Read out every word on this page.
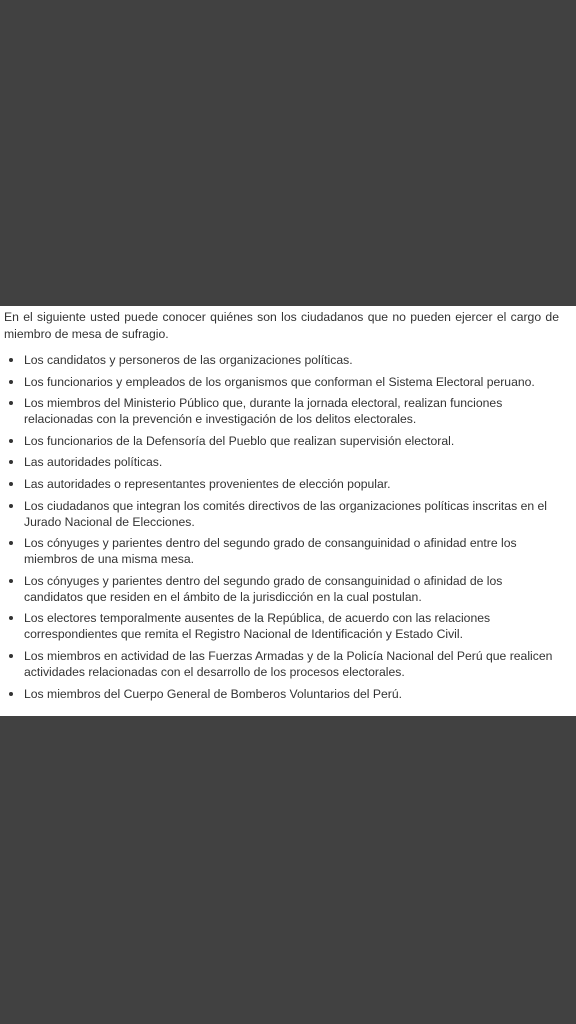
En el siguiente usted puede conocer quiénes son los ciudadanos que no pueden ejercer el cargo de miembro de mesa de sufragio.

Los candidatos y personeros de las organizaciones políticas.
Los funcionarios y empleados de los organismos que conforman el Sistema Electoral peruano.
Los miembros del Ministerio Público que, durante la jornada electoral, realizan funciones relacionadas con la prevención e investigación de los delitos electorales.
Los funcionarios de la Defensoría del Pueblo que realizan supervisión electoral.
Las autoridades políticas.
Las autoridades o representantes provenientes de elección popular.
Los ciudadanos que integran los comités directivos de las organizaciones políticas inscritas en el Jurado Nacional de Elecciones.
Los cónyuges y parientes dentro del segundo grado de consanguinidad o afinidad entre los miembros de una misma mesa.
Los cónyuges y parientes dentro del segundo grado de consanguinidad o afinidad de los candidatos que residen en el ámbito de la jurisdicción en la cual postulan.
Los electores temporalmente ausentes de la República, de acuerdo con las relaciones correspondientes que remita el Registro Nacional de Identificación y Estado Civil.
Los miembros en actividad de las Fuerzas Armadas y de la Policía Nacional del Perú que realicen actividades relacionadas con el desarrollo de los procesos electorales.
Los miembros del Cuerpo General de Bomberos Voluntarios del Perú.
